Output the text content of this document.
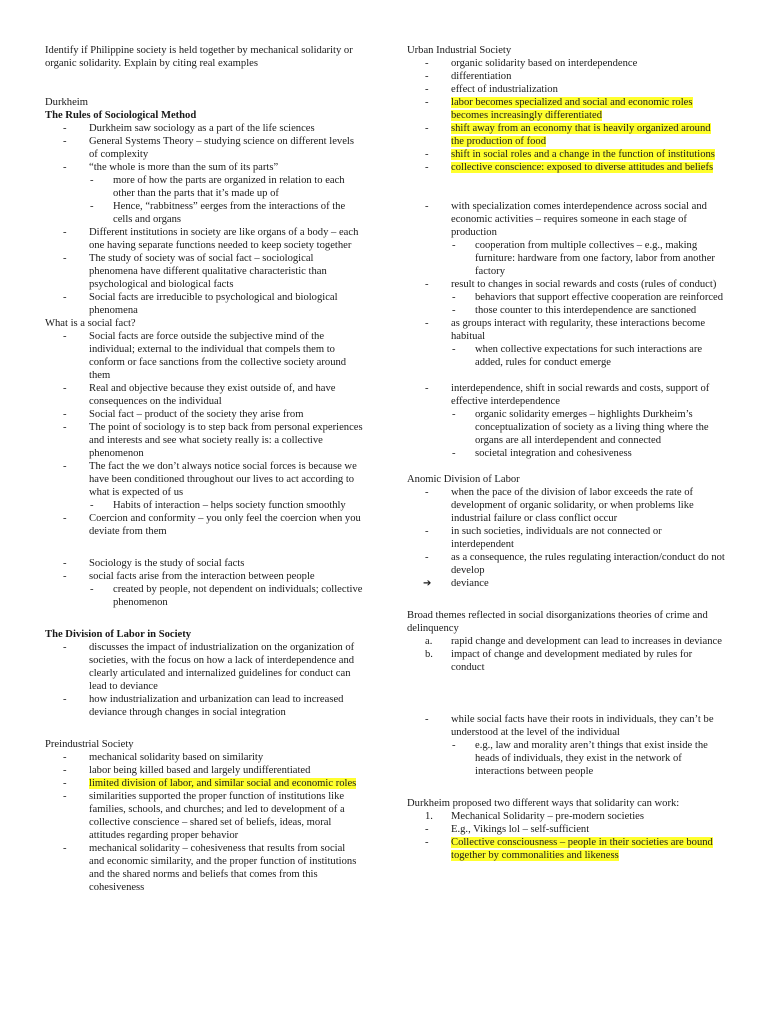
Identify if Philippine society is held together by mechanical solidarity or organic solidarity. Explain by citing real examples

Durkheim

The Rules of Sociological Method

- Durkheim saw sociology as a part of the life sciences
- General Systems Theory – studying science on different levels of complexity
- “the whole is more than the sum of its parts”
- more of how the parts are organized in relation to each other than the parts that it’s made up of
- Hence, “rabbitness” eerges from the interactions of the cells and organs
- Different institutions in society are like organs of a body – each one having separate functions needed to keep society together
- The study of society was of social fact – sociological phenomena have different qualitative characteristic than psychological and biological facts
- Social facts are irreducible to psychological and biological phenomena

What is a social fact?

- Social facts are force outside the subjective mind of the individual; external to the individual that compels them to conform or face sanctions from the collective society around them
- Real and objective because they exist outside of, and have consequences on the individual
- Social fact – product of the society they arise from
- The point of sociology is to step back from personal experiences and interests and see what society really is: a collective phenomenon
- The fact the we don’t always notice social forces is because we have been conditioned throughout our lives to act according to what is expected of us
- Habits of interaction – helps society function smoothly
- Coercion and conformity – you only feel the coercion when you deviate from them
- Sociology is the study of social facts
- social facts arise from the interaction between people
- created by people, not dependent on individuals; collective phenomenon

The Division of Labor in Society

- discusses the impact of industrialization on the organization of societies, with the focus on how a lack of interdependence and clearly articulated and internalized guidelines for conduct can lead to deviance
- how industrialization and urbanization can lead to increased deviance through changes in social integration

Preindustrial Society

- mechanical solidarity based on similarity
- labor being killed based and largely undifferentiated
- limited division of labor, and similar social and economic roles
- similarities supported the proper function of institutions like families, schools, and churches; and led to development of a collective conscience – shared set of beliefs, ideas, moral attitudes regarding proper behavior
- mechanical solidarity – cohesiveness that results from social and economic similarity, and the proper function of institutions and the shared norms and beliefs that comes from this cohesiveness

Urban Industrial Society

- organic solidarity based on interdependence
- differentiation
- effect of industrialization
- labor becomes specialized and social and economic roles becomes increasingly differentiated
- shift away from an economy that is heavily organized around the production of food
- shift in social roles and a change in the function of institutions
- collective conscience: exposed to diverse attitudes and beliefs
- with specialization comes interdependence across social and economic activities – requires someone in each stage of production
- cooperation from multiple collectives – e.g., making furniture: hardware from one factory, labor from another factory
- result to changes in social rewards and costs (rules of conduct)
- behaviors that support effective cooperation are reinforced
- those counter to this interdependence are sanctioned
- as groups interact with regularity, these interactions become habitual
- when collective expectations for such interactions are added, rules for conduct emerge
- interdependence, shift in social rewards and costs, support of effective interdependence
- organic solidarity emerges – highlights Durkheim’s conceptualization of society as a living thing where the organs are all interdependent and connected
- societal integration and cohesiveness

Anomic Division of Labor

- when the pace of the division of labor exceeds the rate of development of organic solidarity, or when problems like industrial failure or class conflict occur
- in such societies, individuals are not connected or interdependent
- as a consequence, the rules regulating interaction/conduct do not develop
➔ deviance

Broad themes reflected in social disorganizations theories of crime and delinquency

a. rapid change and development can lead to increases in deviance
b. impact of change and development mediated by rules for conduct
- while social facts have their roots in individuals, they can’t be understood at the level of the individual
- e.g., law and morality aren’t things that exist inside the heads of individuals, they exist in the network of interactions between people

Durkheim proposed two different ways that solidarity can work:

1. Mechanical Solidarity – pre-modern societies
- E.g., Vikings lol – self-sufficient
- Collective consciousness – people in their societies are bound together by commonalities and likeness
